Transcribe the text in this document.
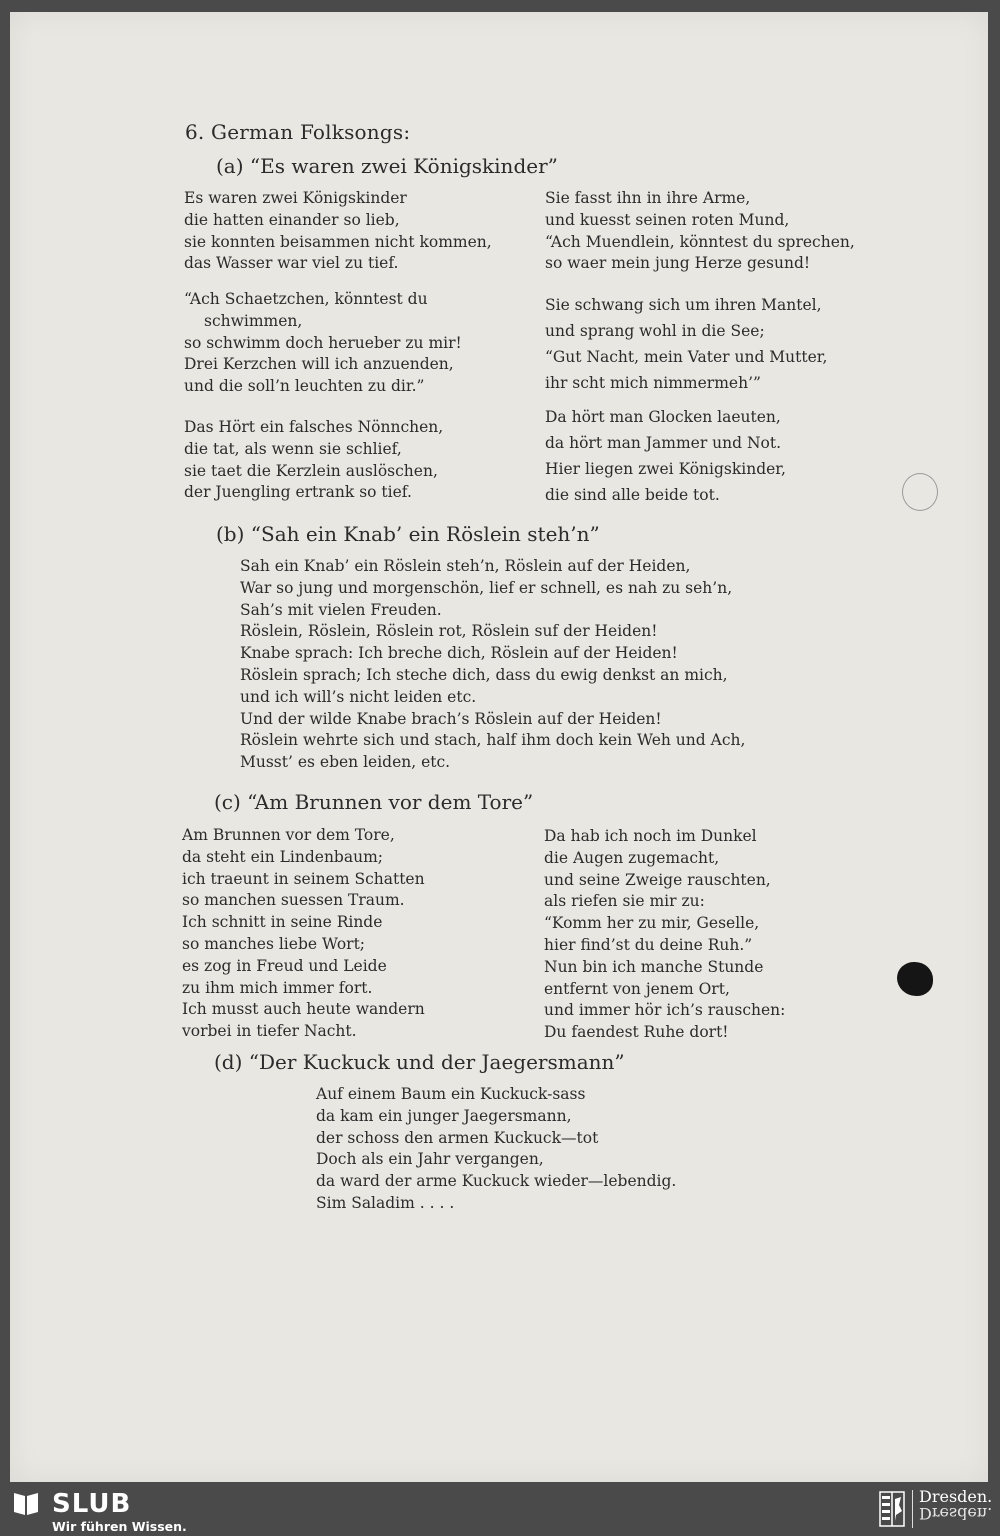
6. German Folksongs:
(a) “Es waren zwei Königskinder”
Es waren zwei Königskinder
die hatten einander so lieb,
sie konnten beisammen nicht kommen,
das Wasser war viel zu tief.
“Ach Schaetzchen, könntest du
schwimmen,
so schwimm doch herueber zu mir!
Drei Kerzchen will ich anzuenden,
und die soll’n leuchten zu dir.”
Das Hört ein falsches Nönnchen,
die tat, als wenn sie schlief,
sie taet die Kerzlein auslöschen,
der Juengling ertrank so tief.
Sie fasst ihn in ihre Arme,
und kuesst seinen roten Mund,
“Ach Muendlein, könntest du sprechen,
so waer mein jung Herze gesund!
Sie schwang sich um ihren Mantel,
und sprang wohl in die See;
“Gut Nacht, mein Vater und Mutter,
ihr scht mich nimmermeh’”
Da hört man Glocken laeuten,
da hört man Jammer und Not.
Hier liegen zwei Königskinder,
die sind alle beide tot.
(b) “Sah ein Knab’ ein Röslein steh’n”
Sah ein Knab’ ein Röslein steh’n, Röslein auf der Heiden,
War so jung und morgenschön, lief er schnell, es nah zu seh’n,
Sah’s mit vielen Freuden.
Röslein, Röslein, Röslein rot, Röslein suf der Heiden!
Knabe sprach: Ich breche dich, Röslein auf der Heiden!
Röslein sprach; Ich steche dich, dass du ewig denkst an mich,
und ich will’s nicht leiden etc.
Und der wilde Knabe brach’s Röslein auf der Heiden!
Röslein wehrte sich und stach, half ihm doch kein Weh und Ach,
Musst’ es eben leiden, etc.
(c) “Am Brunnen vor dem Tore”
Am Brunnen vor dem Tore,
da steht ein Lindenbaum;
ich traeunt in seinem Schatten
so manchen suessen Traum.
Ich schnitt in seine Rinde
so manches liebe Wort;
es zog in Freud und Leide
zu ihm mich immer fort.
Ich musst auch heute wandern
vorbei in tiefer Nacht.
Da hab ich noch im Dunkel
die Augen zugemacht,
und seine Zweige rauschten,
als riefen sie mir zu:
“Komm her zu mir, Geselle,
hier find’st du deine Ruh.”
Nun bin ich manche Stunde
entfernt von jenem Ort,
und immer hör ich’s rauschen:
Du faendest Ruhe dort!
(d) “Der Kuckuck und der Jaegersmann”
Auf einem Baum ein Kuckuck-sass
da kam ein junger Jaegersmann,
der schoss den armen Kuckuck—tot
Doch als ein Jahr vergangen,
da ward der arme Kuckuck wieder—lebendig.
Sim Saladim . . . .
SLUB
Wir führen Wissen.
Dresden.
Dresden.
